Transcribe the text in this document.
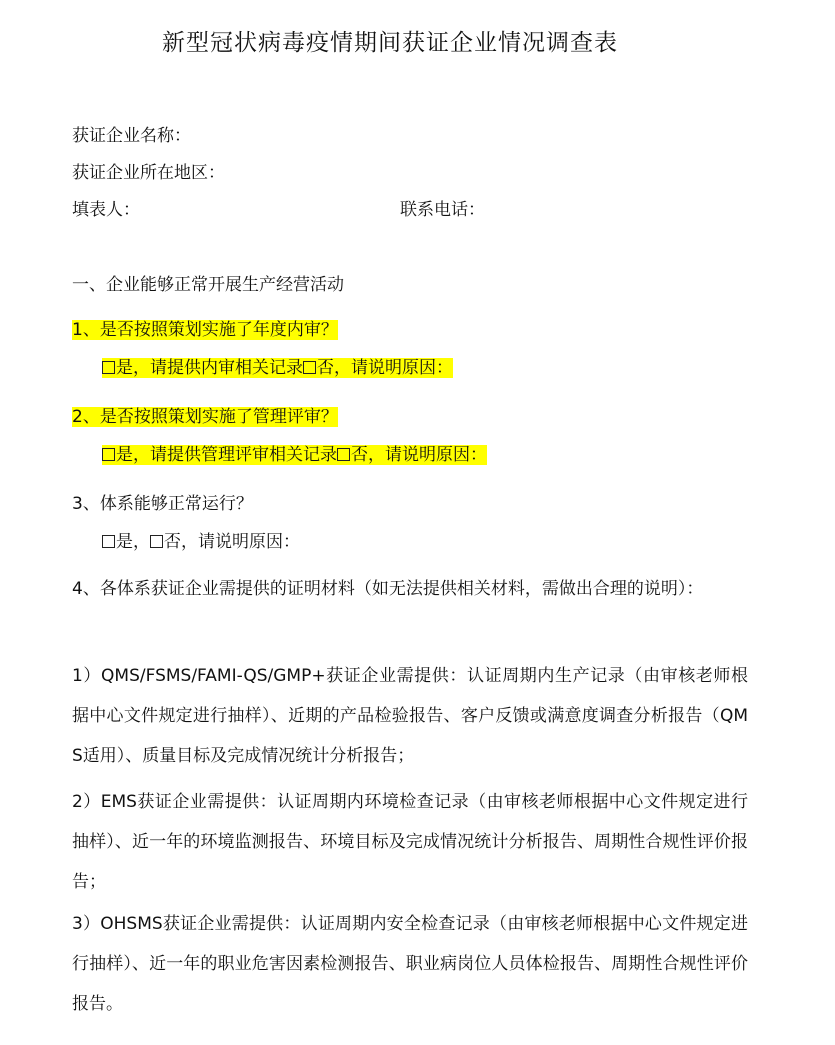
新型冠状病毒疫情期间获证企业情况调查表
获证企业名称：
获证企业所在地区：
填表人：	联系电话：
一、企业能够正常开展生产经营活动
1、是否按照策划实施了年度内审？
是，请提供内审相关记录 否，请说明原因：
2、是否按照策划实施了管理评审？
是，请提供管理评审相关记录 否，请说明原因：
3、体系能够正常运行？
是， 否，请说明原因：
4、各体系获证企业需提供的证明材料（如无法提供相关材料，需做出合理的说明）：
1）QMS/FSMS/FAMI-QS/GMP+获证企业需提供：认证周期内生产记录（由审核老师根据中心文件规定进行抽样）、近期的产品检验报告、客户反馈或满意度调查分析报告（QMS适用）、质量目标及完成情况统计分析报告；
2）EMS获证企业需提供：认证周期内环境检查记录（由审核老师根据中心文件规定进行抽样）、近一年的环境监测报告、环境目标及完成情况统计分析报告、周期性合规性评价报告；
3）OHSMS获证企业需提供：认证周期内安全检查记录（由审核老师根据中心文件规定进行抽样）、近一年的职业危害因素检测报告、职业病岗位人员体检报告、周期性合规性评价报告。
